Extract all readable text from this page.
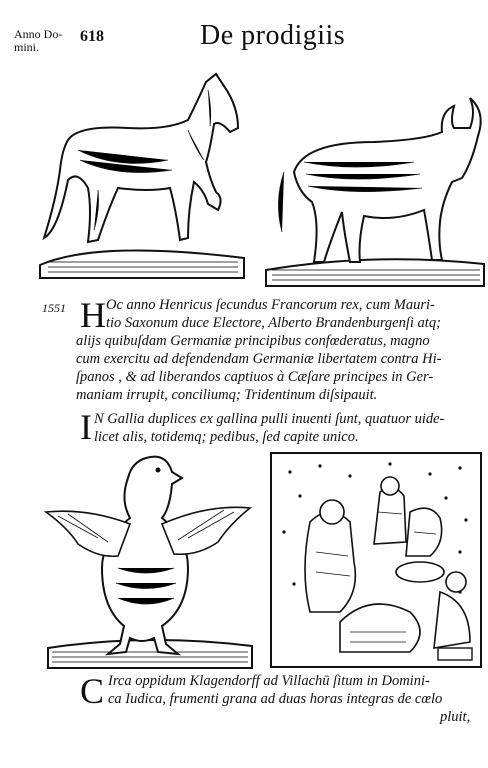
Anno Do-
mini.
618	De prodigiis
1551 H Oc anno Henricus ſecundus Francorum rex, cum Mauri-
tio Saxonum duce Electore, Alberto Brandenburgenſi atq;
alijs quibuſdam Germaniæ principibus confœderatus, magno
cum exercitu ad defendendam Germaniæ libertatem contra Hi-
ſpanos , & ad liberandos captiuos à Cæſare principes in Ger-
maniam irrupit, conciliumq; Tridentinum diſsipauit.
I N Gallia duplices ex gallina pulli inuenti ſunt, quatuor uide-
licet alis, totidemq; pedibus, ſed capite unico.
C Irca oppidum Klagendorff ad Villachū ſitum in Domini-
ca Iudica, frumenti grana ad duas horas integras de cœlo
pluit,
